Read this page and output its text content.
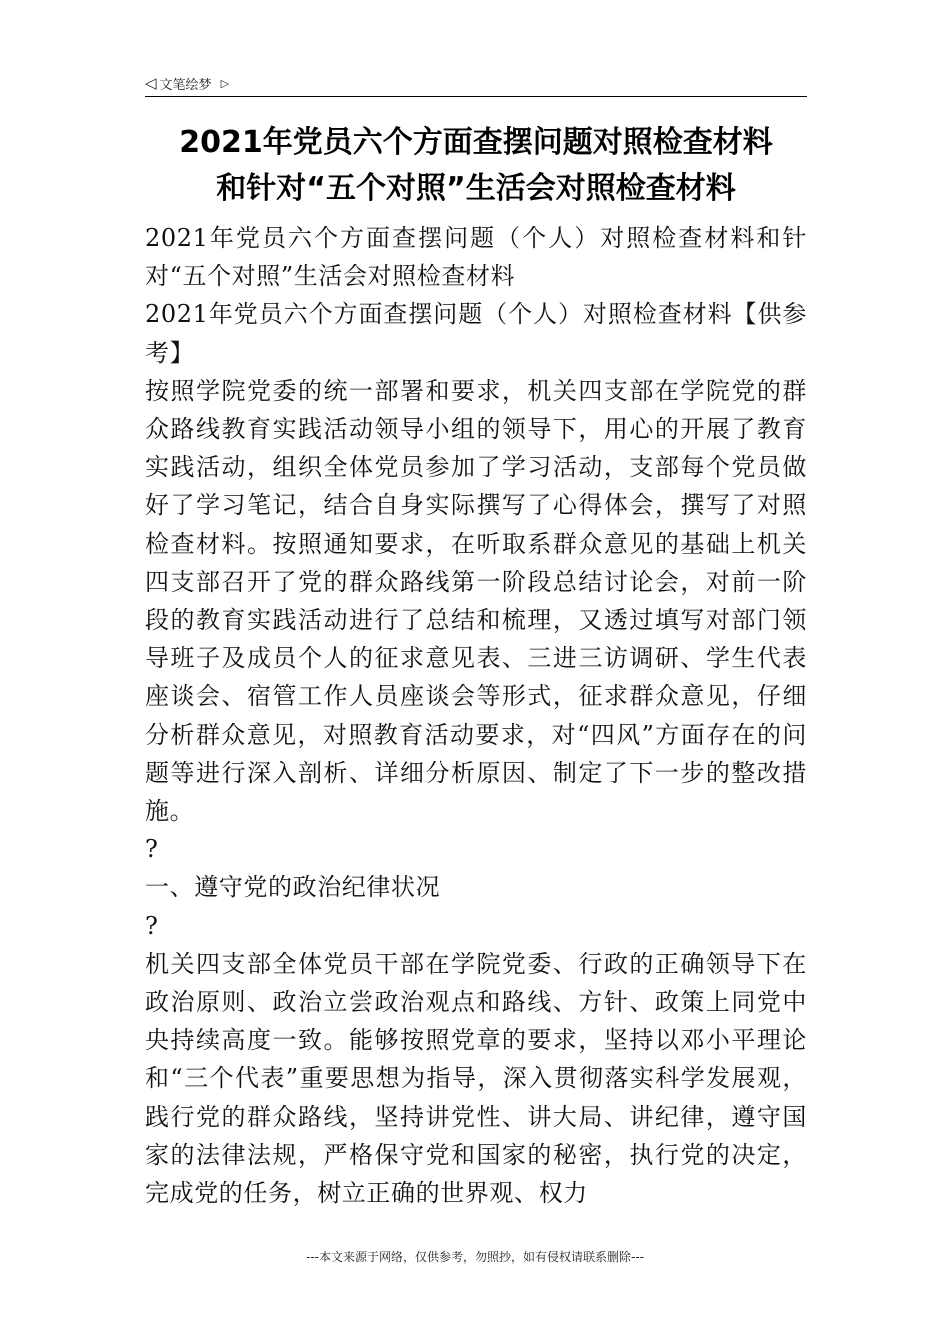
◁ 文笔绘梦 ▷
2021年党员六个方面查摆问题对照检查材料
和针对“五个对照”生活会对照检查材料

2021年党员六个方面查摆问题（个人）对照检查材料和针对“五个对照”生活会对照检查材料

2021年党员六个方面查摆问题（个人）对照检查材料【供参考】

按照学院党委的统一部署和要求，机关四支部在学院党的群众路线教育实践活动领导小组的领导下，用心的开展了教育实践活动，组织全体党员参加了学习活动，支部每个党员做好了学习笔记，结合自身实际撰写了心得体会，撰写了对照检查材料。按照通知要求，在听取系群众意见的基础上机关四支部召开了党的群众路线第一阶段总结讨论会，对前一阶段的教育实践活动进行了总结和梳理，又透过填写对部门领导班子及成员个人的征求意见表、三进三访调研、学生代表座谈会、宿管工作人员座谈会等形式，征求群众意见，仔细分析群众意见，对照教育活动要求，对“四风”方面存在的问题等进行深入剖析、详细分析原因、制定了下一步的整改措施。

?

一、遵守党的政治纪律状况

?

机关四支部全体党员干部在学院党委、行政的正确领导下在政治原则、政治立尝政治观点和路线、方针、政策上同党中央持续高度一致。能够按照党章的要求，坚持以邓小平理论和“三个代表”重要思想为指导，深入贯彻落实科学发展观，践行党的群众路线，坚持讲党性、讲大局、讲纪律，遵守国家的法律法规，严格保守党和国家的秘密，执行党的决定，完成党的任务，树立正确的世界观、权力

---本文来源于网络，仅供参考，勿照抄，如有侵权请联系删除---
